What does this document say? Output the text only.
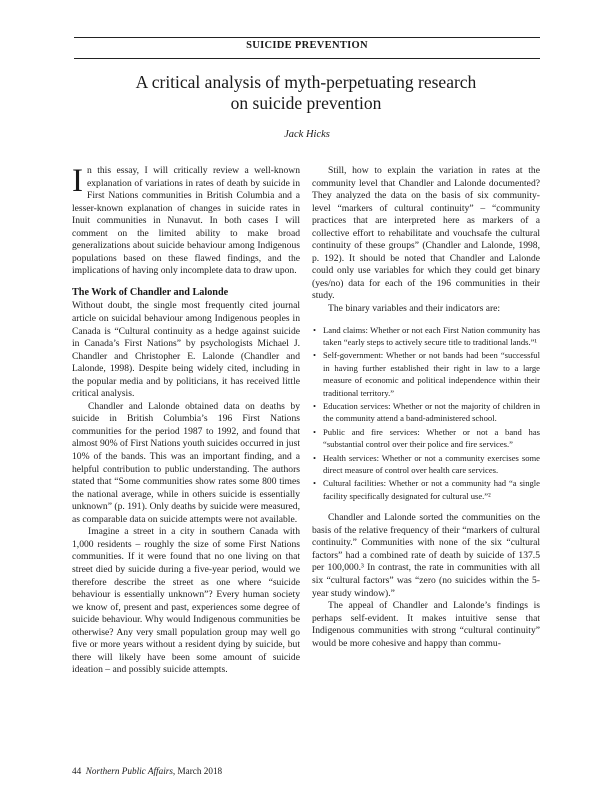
SUICIDE PREVENTION
A critical analysis of myth-perpetuating research
on suicide prevention
Jack Hicks

In this essay, I will critically review a well-known explanation of variations in rates of death by suicide in First Nations communities in British Columbia and a lesser-known explanation of changes in suicide rates in Inuit communities in Nunavut. In both cases I will comment on the limited ability to make broad generalizations about suicide behaviour among Indigenous populations based on these flawed findings, and the implications of having only incomplete data to draw upon.

The Work of Chandler and Lalonde

Without doubt, the single most frequently cited journal article on suicidal behaviour among Indigenous peoples in Canada is “Cultural continuity as a hedge against suicide in Canada’s First Nations” by psychologists Michael J. Chandler and Christopher E. Lalonde (Chandler and Lalonde, 1998). Despite being widely cited, including in the popular media and by politicians, it has received little critical analysis.

Chandler and Lalonde obtained data on deaths by suicide in British Columbia’s 196 First Nations communities for the period 1987 to 1992, and found that almost 90% of First Nations youth suicides occurred in just 10% of the bands. This was an important finding, and a helpful contribution to public understanding. The authors stated that “Some communities show rates some 800 times the national average, while in others suicide is essentially unknown” (p. 191). Only deaths by suicide were measured, as comparable data on suicide attempts were not available.

Imagine a street in a city in southern Canada with 1,000 residents – roughly the size of some First Nations communities. If it were found that no one living on that street died by suicide during a five-year period, would we therefore describe the street as one where “suicide behaviour is essentially unknown”? Every human society we know of, present and past, experiences some degree of suicide behaviour. Why would Indigenous communities be otherwise? Any very small population group may well go five or more years without a resident dying by suicide, but there will likely have been some amount of suicide ideation – and possibly suicide attempts.

Still, how to explain the variation in rates at the community level that Chandler and Lalonde documented? They analyzed the data on the basis of six community-level “markers of cultural continuity” – “community practices that are interpreted here as markers of a collective effort to rehabilitate and vouchsafe the cultural continuity of these groups” (Chandler and Lalonde, 1998, p. 192). It should be noted that Chandler and Lalonde could only use variables for which they could get binary (yes/no) data for each of the 196 communities in their study.

The binary variables and their indicators are:

• Land claims: Whether or not each First Nation community has taken “early steps to actively secure title to traditional lands.”¹
• Self-government: Whether or not bands had been “successful in having further established their right in law to a large measure of economic and political independence within their traditional territory.”
• Education services: Whether or not the majority of children in the community attend a band-administered school.
• Public and fire services: Whether or not a band has “substantial control over their police and fire services.”
• Health services: Whether or not a community exercises some direct measure of control over health care services.
• Cultural facilities: Whether or not a community had “a single facility specifically designated for cultural use.”²

Chandler and Lalonde sorted the communities on the basis of the relative frequency of their “markers of cultural continuity.” Communities with none of the six “cultural factors” had a combined rate of death by suicide of 137.5 per 100,000.³ In contrast, the rate in communities with all six “cultural factors” was “zero (no suicides within the 5-year study window).”

The appeal of Chandler and Lalonde’s findings is perhaps self-evident. It makes intuitive sense that Indigenous communities with strong “cultural continuity” would be more cohesive and happy than commu-

44 Northern Public Affairs, March 2018
